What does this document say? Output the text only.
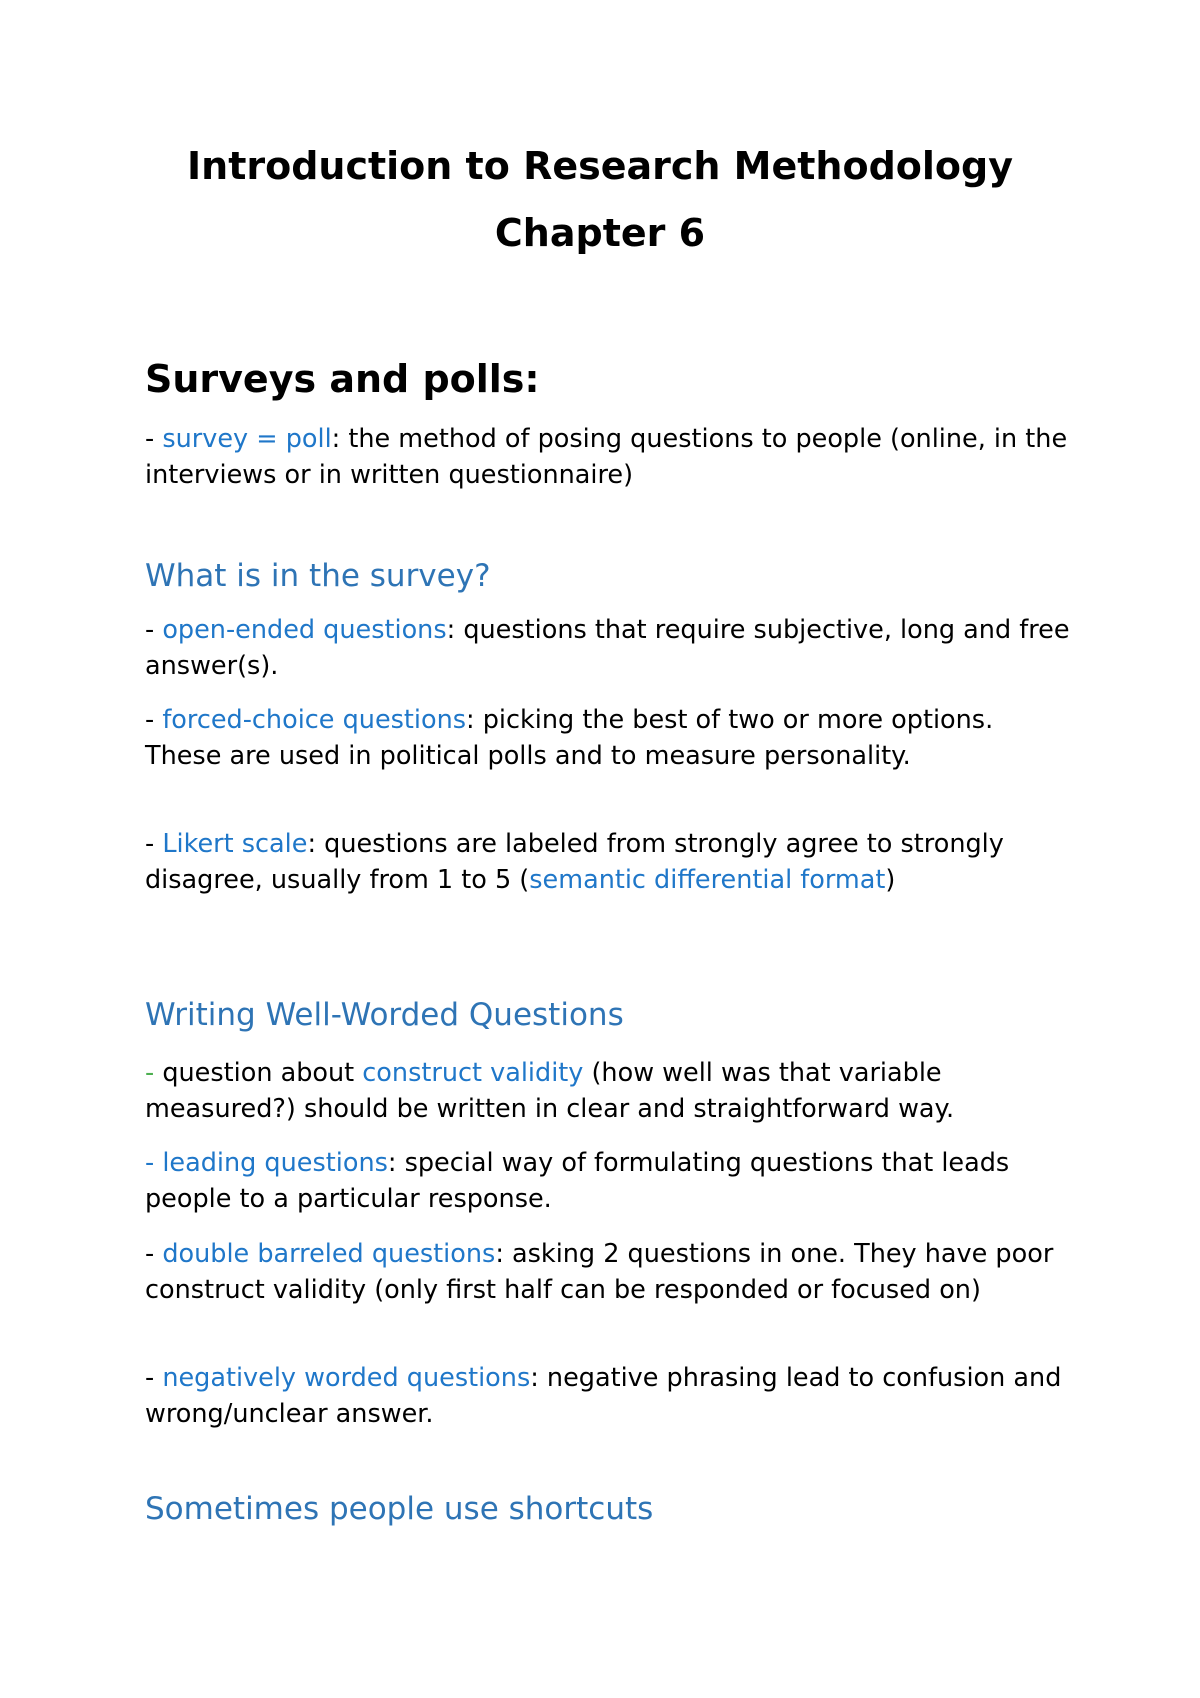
Introduction to Research Methodology
Chapter 6
Surveys and polls:

- survey = poll: the method of posing questions to people (online, in the interviews or in written questionnaire)

What is in the survey?

- open-ended questions: questions that require subjective, long and free answer(s).

- forced-choice questions: picking the best of two or more options. These are used in political polls and to measure personality.

- Likert scale: questions are labeled from strongly agree to strongly disagree, usually from 1 to 5 (semantic differential format)

Writing Well-Worded Questions

- question about construct validity (how well was that variable measured?) should be written in clear and straightforward way.

- leading questions: special way of formulating questions that leads people to a particular response.

- double barreled questions: asking 2 questions in one. They have poor construct validity (only first half can be responded or focused on)

- negatively worded questions: negative phrasing lead to confusion and wrong/unclear answer.

Sometimes people use shortcuts
